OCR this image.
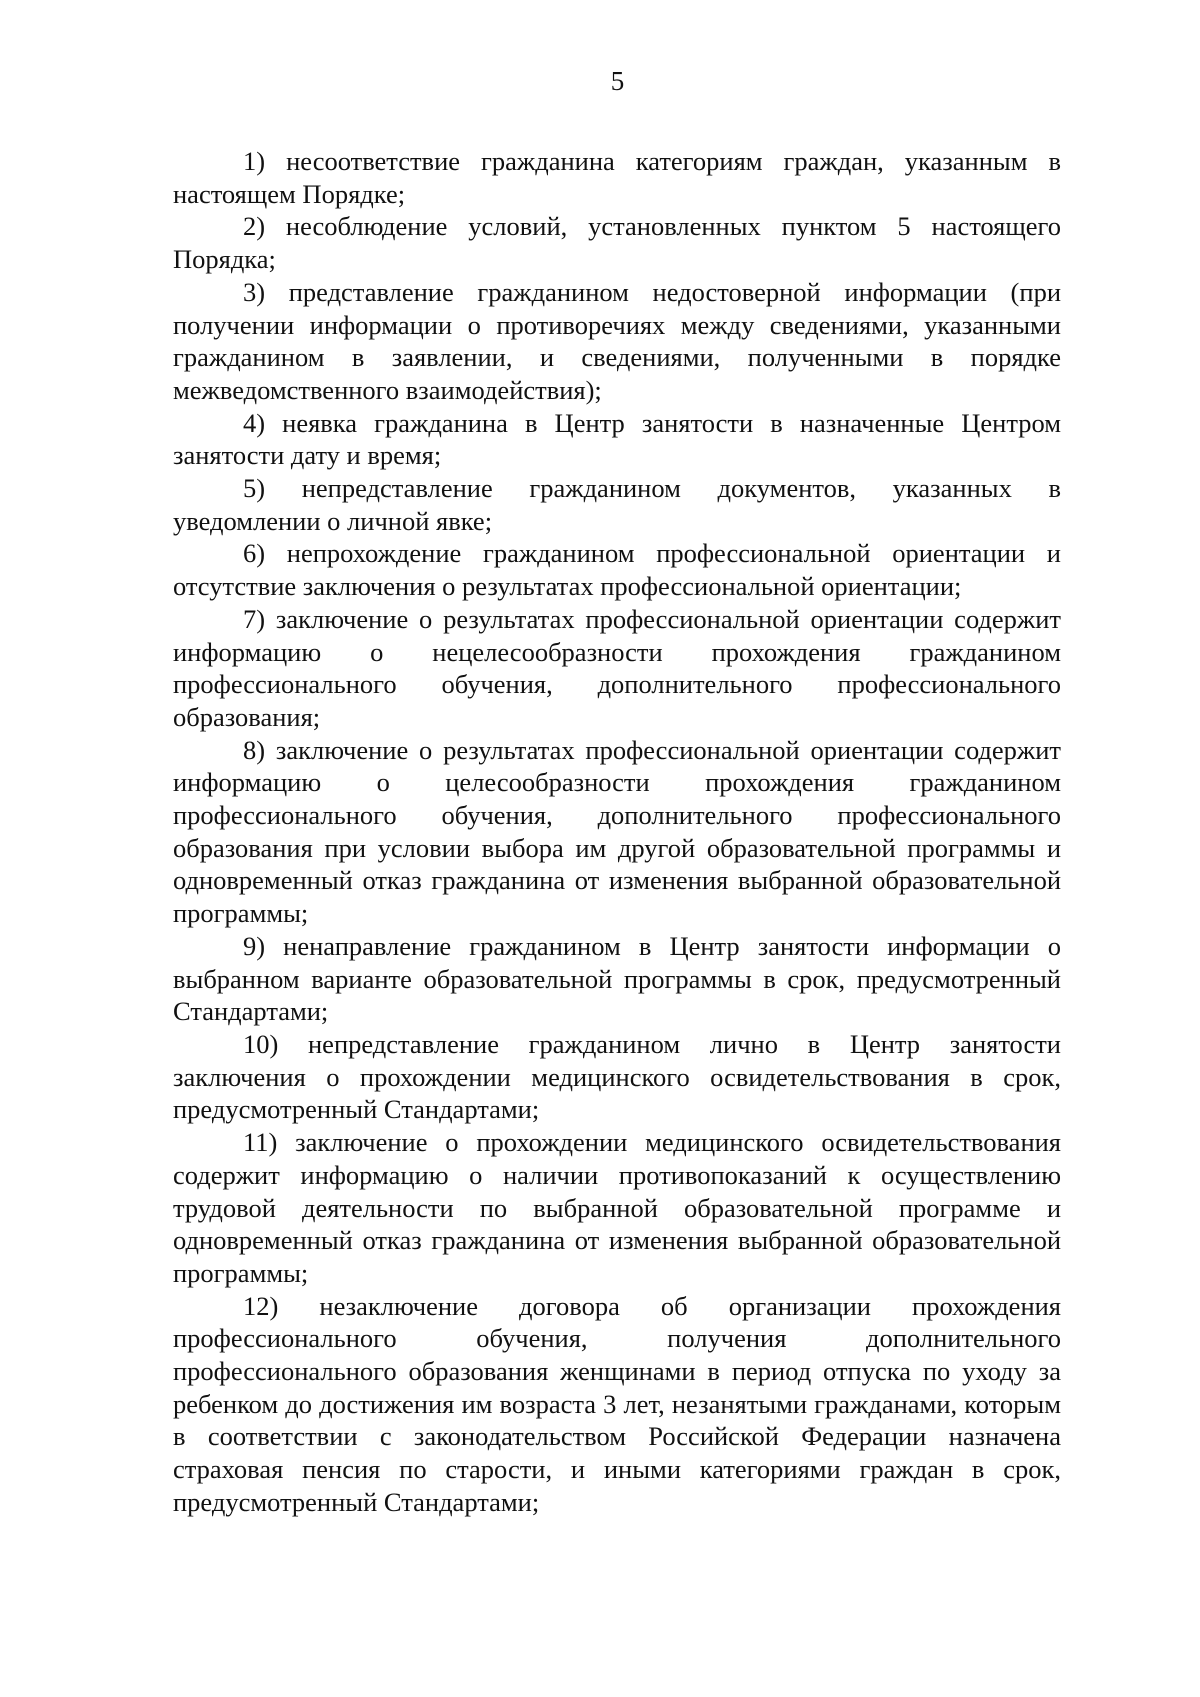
5

1) несоответствие гражданина категориям граждан, указанным в настоящем Порядке;

2) несоблюдение условий, установленных пунктом 5 настоящего Порядка;

3) представление гражданином недостоверной информации (при получении информации о противоречиях между сведениями, указанными гражданином в заявлении, и сведениями, полученными в порядке межведомственного взаимодействия);

4) неявка гражданина в Центр занятости в назначенные Центром занятости дату и время;

5) непредставление гражданином документов, указанных в уведомлении о личной явке;

6) непрохождение гражданином профессиональной ориентации и отсутствие заключения о результатах профессиональной ориентации;

7) заключение о результатах профессиональной ориентации содержит информацию о нецелесообразности прохождения гражданином профессионального обучения, дополнительного профессионального образования;

8) заключение о результатах профессиональной ориентации содержит информацию о целесообразности прохождения гражданином профессионального обучения, дополнительного профессионального образования при условии выбора им другой образовательной программы и одновременный отказ гражданина от изменения выбранной образовательной программы;

9) ненаправление гражданином в Центр занятости информации о выбранном варианте образовательной программы в срок, предусмотренный Стандартами;

10) непредставление гражданином лично в Центр занятости заключения о прохождении медицинского освидетельствования в срок, предусмотренный Стандартами;

11) заключение о прохождении медицинского освидетельствования содержит информацию о наличии противопоказаний к осуществлению трудовой деятельности по выбранной образовательной программе и одновременный отказ гражданина от изменения выбранной образовательной программы;

12) незаключение договора об организации прохождения профессионального обучения, получения дополнительного профессионального образования женщинами в период отпуска по уходу за ребенком до достижения им возраста 3 лет, незанятыми гражданами, которым в соответствии с законодательством Российской Федерации назначена страховая пенсия по старости, и иными категориями граждан в срок, предусмотренный Стандартами;
